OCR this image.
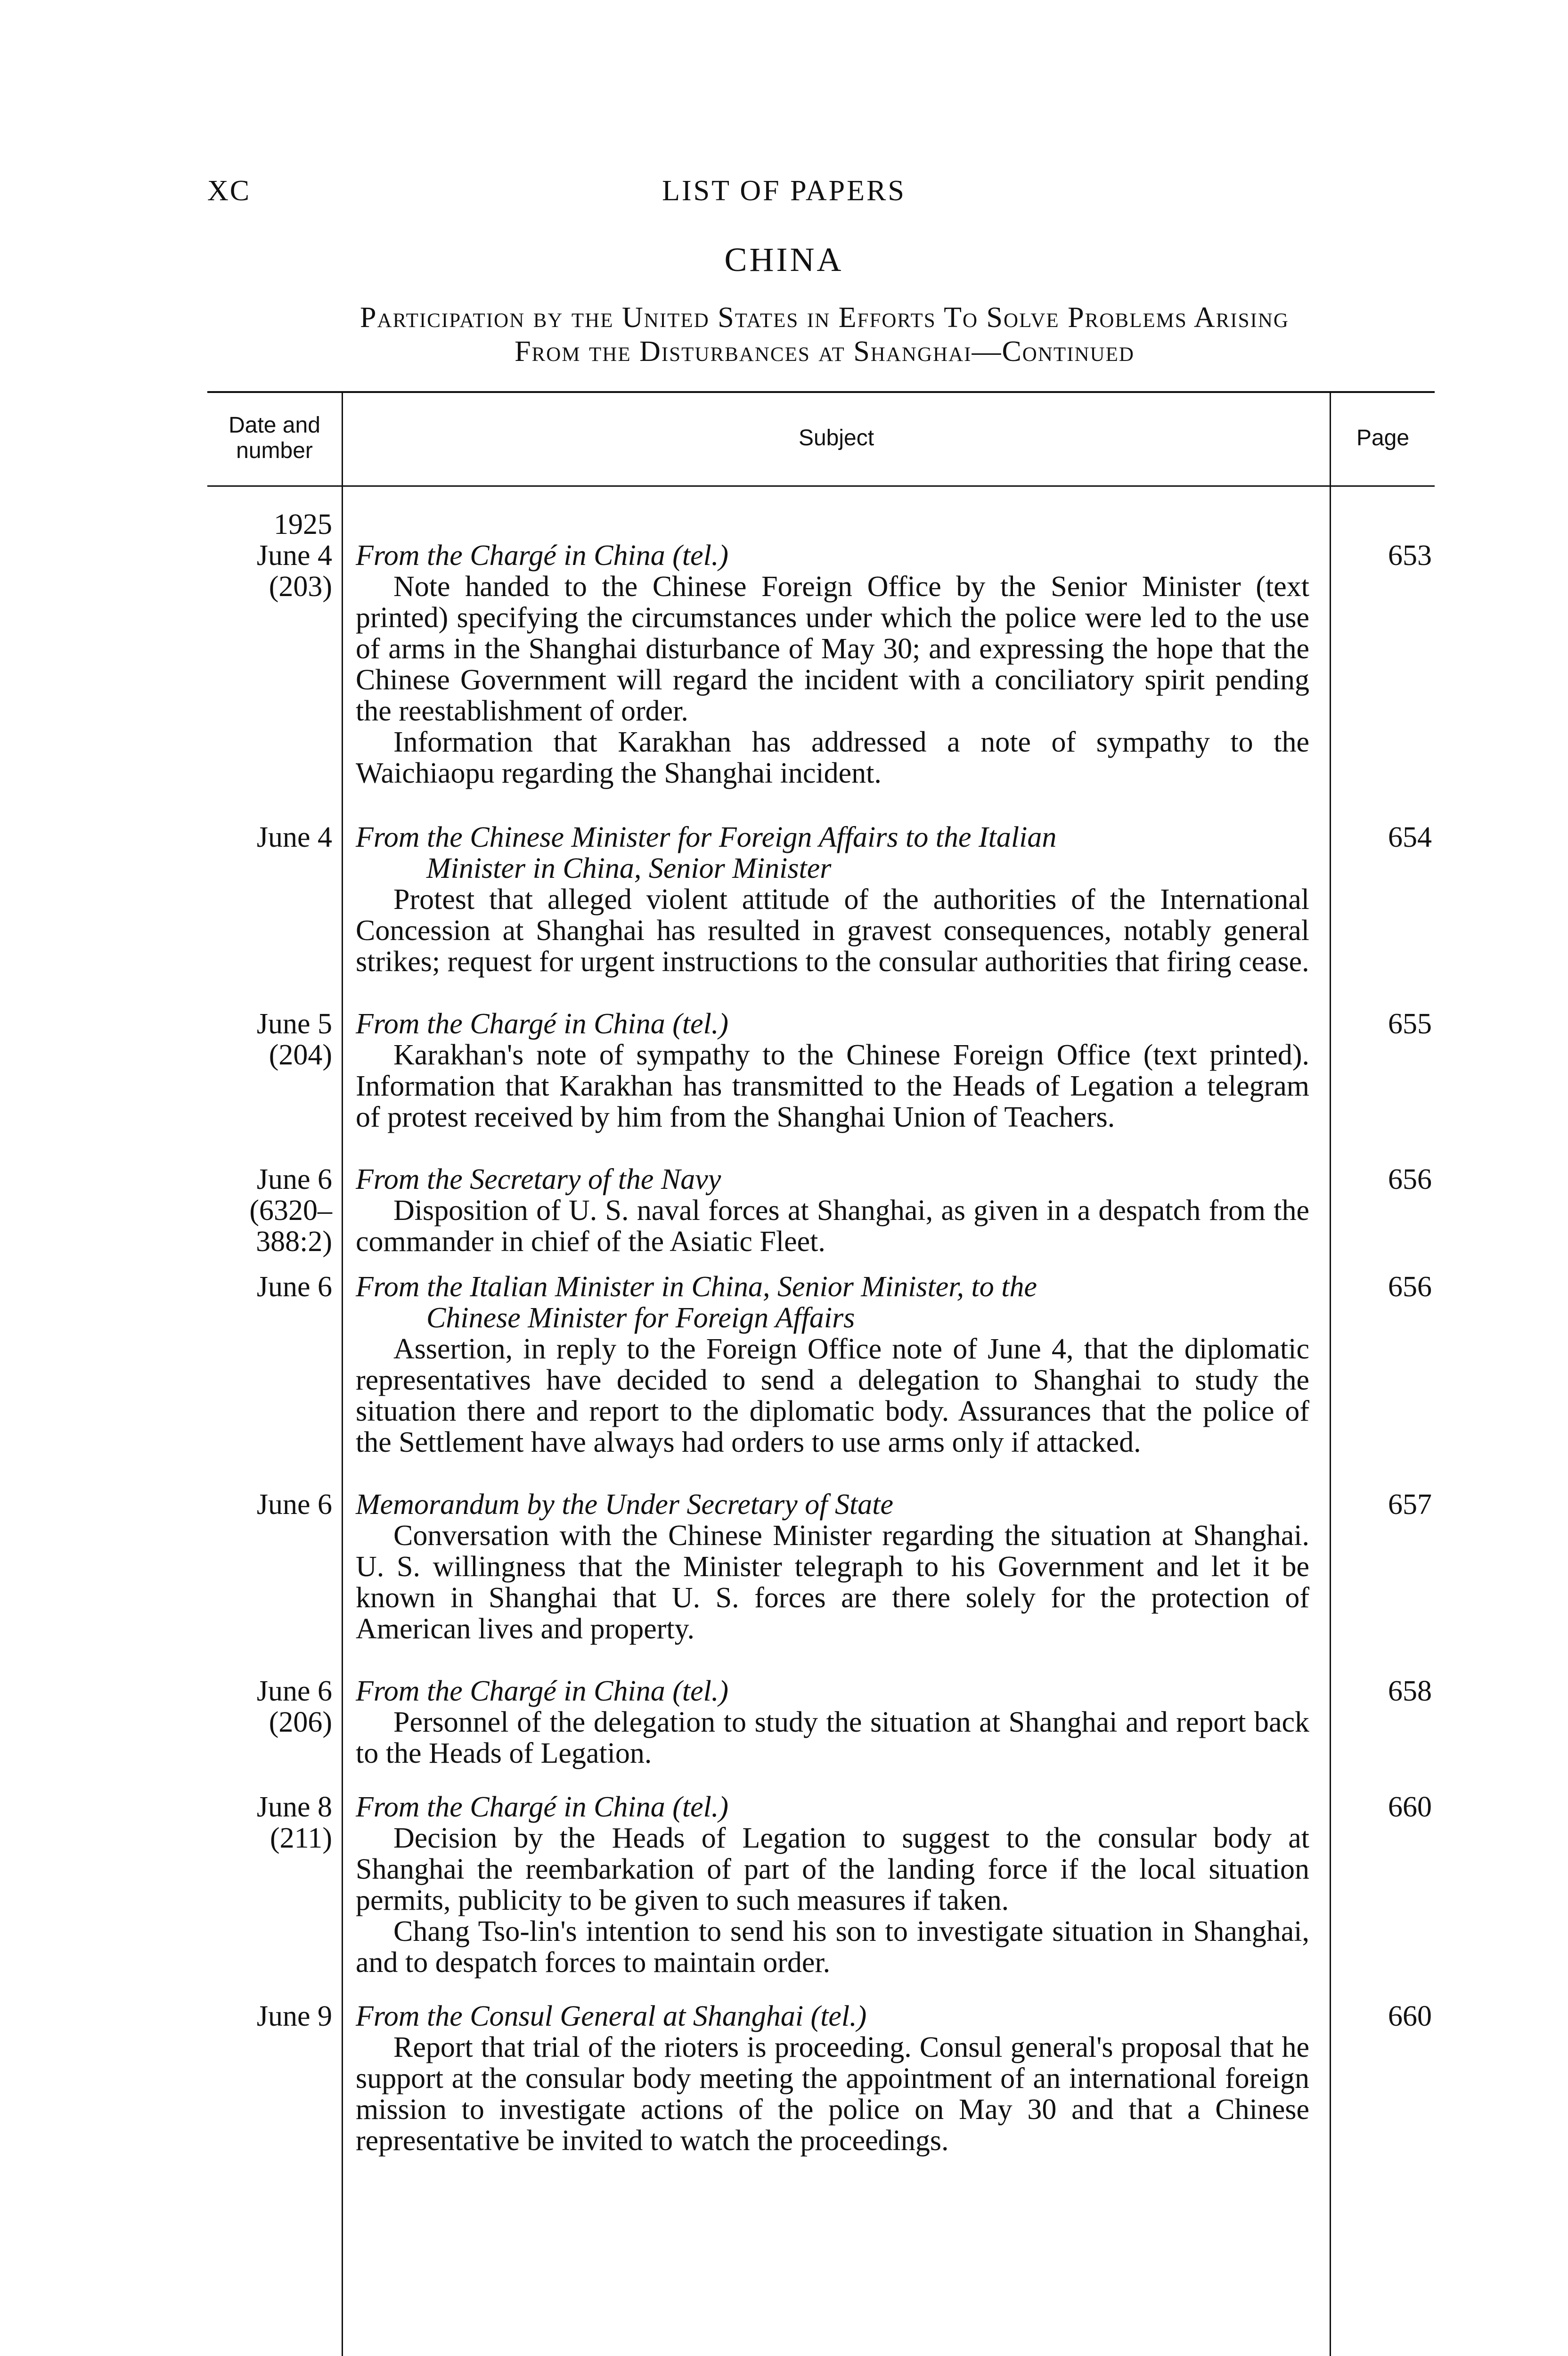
XC	LIST OF PAPERS
CHINA
Participation by the United States in Efforts To Solve Problems Arising
From the Disturbances at Shanghai—Continued
Date and number
Subject	Page
1925
June 4
(203)
From the Chargé in China (tel.)
Note handed to the Chinese Foreign Office by the Senior Minister (text printed) specifying the circumstances under which the police were led to the use of arms in the Shanghai disturbance of May 30; and expressing the hope that the Chinese Government will regard the incident with a conciliatory spirit pending the reestablishment of order.
Information that Karakhan has addressed a note of sympathy to the Waichiaopu regarding the Shanghai incident.
653
June 4 From the Chinese Minister for Foreign Affairs to the Italian
Minister in China, Senior Minister
Protest that alleged violent attitude of the authorities of the International Concession at Shanghai has resulted in gravest consequences, notably general strikes; request for urgent instructions to the consular authorities that firing cease.
654
June 5
(204)
From the Chargé in China (tel.)
Karakhan's note of sympathy to the Chinese Foreign Office (text printed). Information that Karakhan has transmitted to the Heads of Legation a telegram of protest received by him from the Shanghai Union of Teachers.
655
June 6
(6320–
388:2)
From the Secretary of the Navy
Disposition of U. S. naval forces at Shanghai, as given in a despatch from the commander in chief of the Asiatic Fleet.
656
June 6 From the Italian Minister in China, Senior Minister, to the
Chinese Minister for Foreign Affairs
Assertion, in reply to the Foreign Office note of June 4, that the diplomatic representatives have decided to send a delegation to Shanghai to study the situation there and report to the diplomatic body. Assurances that the police of the Settlement have always had orders to use arms only if attacked.
656
June 6 Memorandum by the Under Secretary of State
Conversation with the Chinese Minister regarding the situation at Shanghai. U. S. willingness that the Minister telegraph to his Government and let it be known in Shanghai that U. S. forces are there solely for the protection of American lives and property.
657
June 6
(206)
From the Chargé in China (tel.)
Personnel of the delegation to study the situation at Shanghai and report back to the Heads of Legation.
658
June 8
(211)
From the Chargé in China (tel.)
Decision by the Heads of Legation to suggest to the consular body at Shanghai the reembarkation of part of the landing force if the local situation permits, publicity to be given to such measures if taken.
Chang Tso-lin's intention to send his son to investigate situation in Shanghai, and to despatch forces to maintain order.
660
June 9 From the Consul General at Shanghai (tel.)
Report that trial of the rioters is proceeding. Consul general's proposal that he support at the consular body meeting the appointment of an international foreign mission to investigate actions of the police on May 30 and that a Chinese representative be invited to watch the proceedings.
660
